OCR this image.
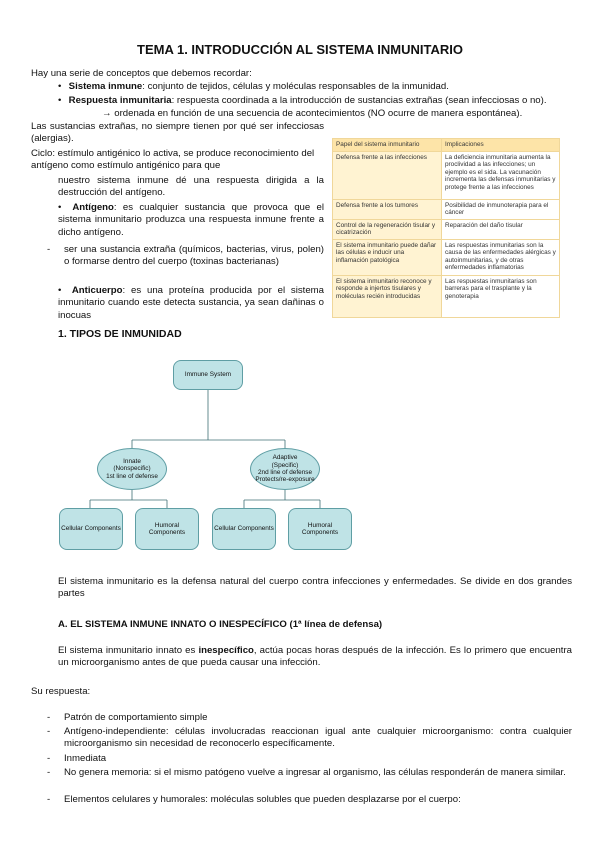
TEMA 1. INTRODUCCIÓN AL SISTEMA INMUNITARIO
Hay una serie de conceptos que debemos recordar:
• Sistema inmune: conjunto de tejidos, células y moléculas responsables de la inmunidad.
• Respuesta inmunitaria: respuesta coordinada a la introducción de sustancias extrañas (sean infecciosas o no).
→ ordenada en función de una secuencia de acontecimientos (NO ocurre de manera espontánea).
Las sustancias extrañas, no siempre tienen por qué ser infecciosas (alergias).
Ciclo: estímulo antigénico lo activa, se produce reconocimiento del antígeno como estímulo antigénico para que
nuestro sistema inmune dé una respuesta dirigida a la destrucción del antígeno.
• Antígeno: es cualquier sustancia que provoca que el sistema inmunitario produzca una respuesta inmune frente a dicho antígeno.
- ser una sustancia extraña (químicos, bacterias, virus, polen) o formarse dentro del cuerpo (toxinas bacterianas)
• Anticuerpo: es una proteína producida por el sistema inmunitario cuando este detecta sustancia, ya sean dañinas o inocuas
Papel del sistema inmunitario	Implicaciones
Defensa frente a las infecciones	La deficiencia inmunitaria aumenta la proclividad a las infecciones; un ejemplo es el sida. La vacunación incrementa las defensas inmunitarias y protege frente a las infecciones
Defensa frente a los tumores	Posibilidad de inmunoterapia para el cáncer
Control de la regeneración tisular y cicatrización	Reparación del daño tisular
El sistema inmunitario puede dañar las células e inducir una inflamación patológica	Las respuestas inmunitarias son la causa de las enfermedades alérgicas y autoinmunitarias, y de otras enfermedades inflamatorias
El sistema inmunitario reconoce y responde a injertos tisulares y moléculas recién introducidas	Las respuestas inmunitarias son barreras para el trasplante y la genoterapia
1. TIPOS DE INMUNIDAD
Immune System
Innate
(Nonspecific)
1st line of defense
Adaptive
(Specific)
2nd line of defense
Protects/re-exposure
Cellular Components
Humoral Components
Cellular Components
Humoral Components
El sistema inmunitario es la defensa natural del cuerpo contra infecciones y enfermedades. Se divide en dos grandes partes
A. EL SISTEMA INMUNE INNATO O INESPECÍFICO (1ª línea de defensa)
El sistema inmunitario innato es inespecífico, actúa pocas horas después de la infección. Es lo primero que encuentra un microorganismo antes de que pueda causar una infección.
Su respuesta:
- Patrón de comportamiento simple
- Antígeno-independiente: células involucradas reaccionan igual ante cualquier microorganismo: contra cualquier microorganismo sin necesidad de reconocerlo específicamente.
- Inmediata
- No genera memoria: si el mismo patógeno vuelve a ingresar al organismo, las células responderán de manera similar.
- Elementos celulares y humorales: moléculas solubles que pueden desplazarse por el cuerpo:
